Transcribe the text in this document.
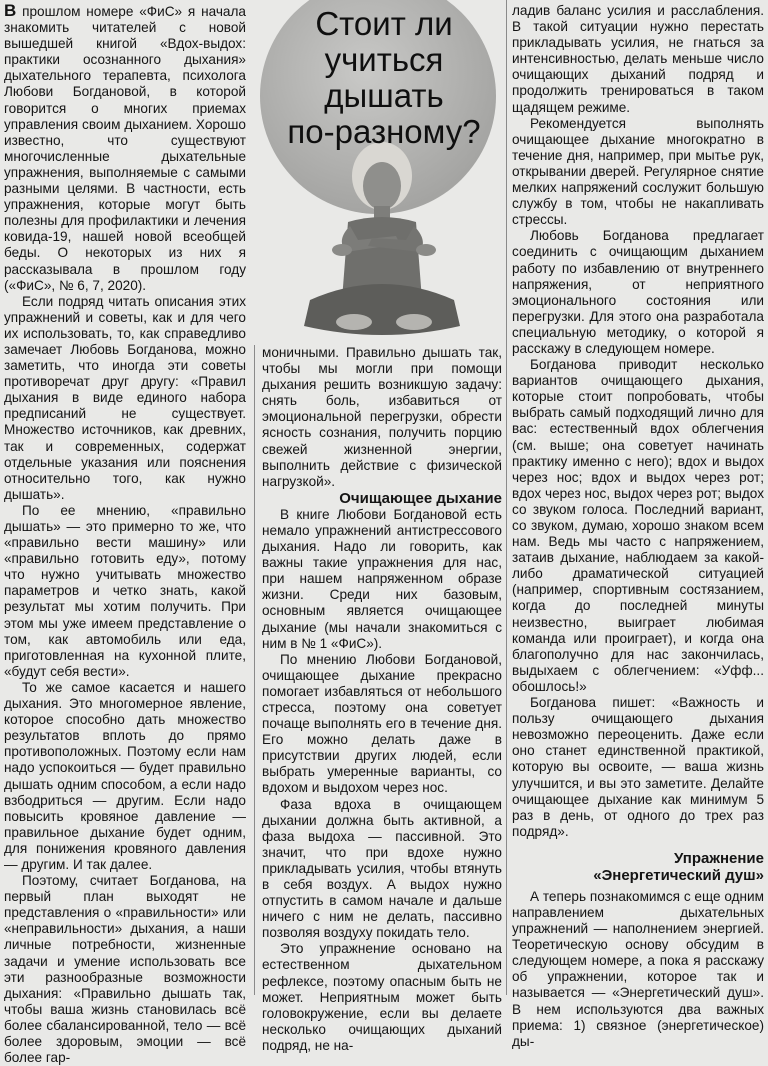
Стоит ли
учиться
дышать
по-разному?

В прошлом номере «ФиС» я начала знакомить читателей с новой вышедшей книгой «Вдох-выдох: практики осознанного дыхания» дыхательного терапевта, психолога Любови Богдановой, в которой говорится о многих приемах управления своим дыханием. Хорошо известно, что существуют многочисленные дыхательные упражнения, выполняемые с самыми разными целями. В частности, есть упражнения, которые могут быть полезны для профилактики и лечения ковида-19, нашей новой всеобщей беды. О некоторых из них я рассказывала в прошлом году («ФиС», № 6, 7, 2020).

Если подряд читать описания этих упражнений и советы, как и для чего их использовать, то, как справедливо замечает Любовь Богданова, можно заметить, что иногда эти советы противоречат друг другу: «Правил дыхания в виде единого набора предписаний не существует. Множество источников, как древних, так и современных, содержат отдельные указания или пояснения относительно того, как нужно дышать».

По ее мнению, «правильно дышать» — это примерно то же, что «правильно вести машину» или «правильно готовить еду», потому что нужно учитывать множество параметров и четко знать, какой результат мы хотим получить. При этом мы уже имеем представление о том, как автомобиль или еда, приготовленная на кухонной плите, «будут себя вести».

То же самое касается и нашего дыхания. Это многомерное явление, которое способно дать множество результатов вплоть до прямо противоположных. Поэтому если нам надо успокоиться — будет правильно дышать одним способом, а если надо взбодриться — другим. Если надо повысить кровяное давление — правильное дыхание будет одним, для понижения кровяного давления — другим. И так далее.

Поэтому, считает Богданова, на первый план выходят не представления о «правильности» или «неправильности» дыхания, а наши личные потребности, жизненные задачи и умение использовать все эти разнообразные возможности дыхания: «Правильно дышать так, чтобы ваша жизнь становилась всё более сбалансированной, тело — всё более здоровым, эмоции — всё более гар-

моничными. Правильно дышать так, чтобы мы могли при помощи дыхания решить возникшую задачу: снять боль, избавиться от эмоциональной перегрузки, обрести ясность сознания, получить порцию свежей жизненной энергии, выполнить действие с физической нагрузкой».

Очищающее дыхание

В книге Любови Богдановой есть немало упражнений антистрессового дыхания. Надо ли говорить, как важны такие упражнения для нас, при нашем напряженном образе жизни. Среди них базовым, основным является очищающее дыхание (мы начали знакомиться с ним в № 1 «ФиС»).

По мнению Любови Богдановой, очищающее дыхание прекрасно помогает избавляться от небольшого стресса, поэтому она советует почаще выполнять его в течение дня. Его можно делать даже в присутствии других людей, если выбрать умеренные варианты, со вдохом и выдохом через нос.

Фаза вдоха в очищающем дыхании должна быть активной, а фаза выдоха — пассивной. Это значит, что при вдохе нужно прикладывать усилия, чтобы втянуть в себя воздух. А выдох нужно отпустить в самом начале и дальше ничего с ним не делать, пассивно позволяя воздуху покидать тело.

Это упражнение основано на естественном дыхательном рефлексе, поэтому опасным быть не может. Неприятным может быть головокружение, если вы делаете несколько очищающих дыханий подряд, не на-

ладив баланс усилия и расслабления. В такой ситуации нужно перестать прикладывать усилия, не гнаться за интенсивностью, делать меньше число очищающих дыханий подряд и продолжить тренироваться в таком щадящем режиме.

Рекомендуется выполнять очищающее дыхание многократно в течение дня, например, при мытье рук, открывании дверей. Регулярное снятие мелких напряжений сослужит большую службу в том, чтобы не накапливать стрессы.

Любовь Богданова предлагает соединить с очищающим дыханием работу по избавлению от внутреннего напряжения, от неприятного эмоционального состояния или перегрузки. Для этого она разработала специальную методику, о которой я расскажу в следующем номере.

Богданова приводит несколько вариантов очищающего дыхания, которые стоит попробовать, чтобы выбрать самый подходящий лично для вас: естественный вдох облегчения (см. выше; она советует начинать практику именно с него); вдох и выдох через нос; вдох и выдох через рот; вдох через нос, выдох через рот; выдох со звуком голоса. Последний вариант, со звуком, думаю, хорошо знаком всем нам. Ведь мы часто с напряжением, затаив дыхание, наблюдаем за какой-либо драматической ситуацией (например, спортивным состязанием, когда до последней минуты неизвестно, выиграет любимая команда или проиграет), и когда она благополучно для нас закончилась, выдыхаем с облегчением: «Уфф... обошлось!»

Богданова пишет: «Важность и пользу очищающего дыхания невозможно переоценить. Даже если оно станет единственной практикой, которую вы освоите, — ваша жизнь улучшится, и вы это заметите. Делайте очищающее дыхание как минимум 5 раз в день, от одного до трех раз подряд».

Упражнение
«Энергетический душ»

А теперь познакомимся с еще одним направлением дыхательных упражнений — наполнением энергией. Теоретическую основу обсудим в следующем номере, а пока я расскажу об упражнении, которое так и называется — «Энергетический душ». В нем используются два важных приема: 1) связное (энергетическое) ды-
